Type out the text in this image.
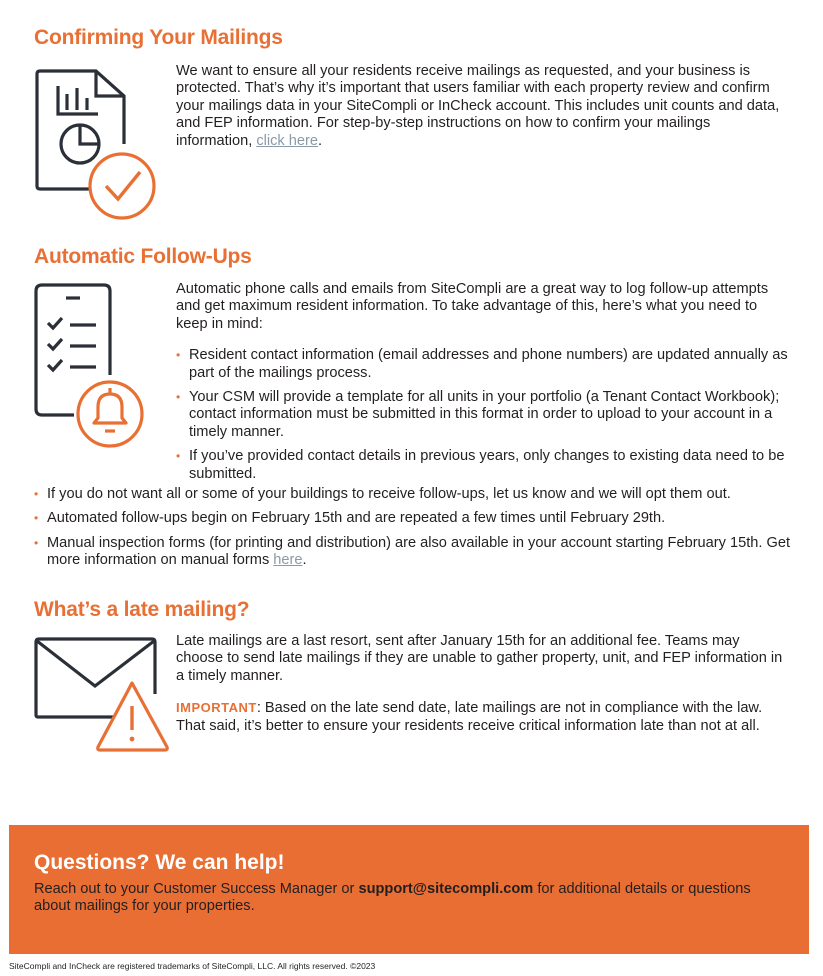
Confirming Your Mailings

We want to ensure all your residents receive mailings as requested, and your business is protected. That’s why it’s important that users familiar with each property review and confirm your mailings data in your SiteCompli or InCheck account. This includes unit counts and data, and FEP information. For step-by-step instructions on how to confirm your mailings information, click here.

Automatic Follow-Ups

Automatic phone calls and emails from SiteCompli are a great way to log follow-up attempts and get maximum resident information. To take advantage of this, here’s what you need to keep in mind:

• Resident contact information (email addresses and phone numbers) are updated annually as part of the mailings process.
• Your CSM will provide a template for all units in your portfolio (a Tenant Contact Workbook); contact information must be submitted in this format in order to upload to your account in a timely manner.
• If you’ve provided contact details in previous years, only changes to existing data need to be submitted.
• If you do not want all or some of your buildings to receive follow-ups, let us know and we will opt them out.
• Automated follow-ups begin on February 15th and are repeated a few times until February 29th.
• Manual inspection forms (for printing and distribution) are also available in your account starting February 15th. Get more information on manual forms here.
What’s a late mailing?

Late mailings are a last resort, sent after January 15th for an additional fee. Teams may choose to send late mailings if they are unable to gather property, unit, and FEP information in a timely manner.

IMPORTANT: Based on the late send date, late mailings are not in compliance with the law. That said, it’s better to ensure your residents receive critical information late than not at all.

Questions? We can help!

Reach out to your Customer Success Manager or support@sitecompli.com for additional details or questions about mailings for your properties.

SiteCompli and InCheck are registered trademarks of SiteCompli, LLC. All rights reserved. ©2023
